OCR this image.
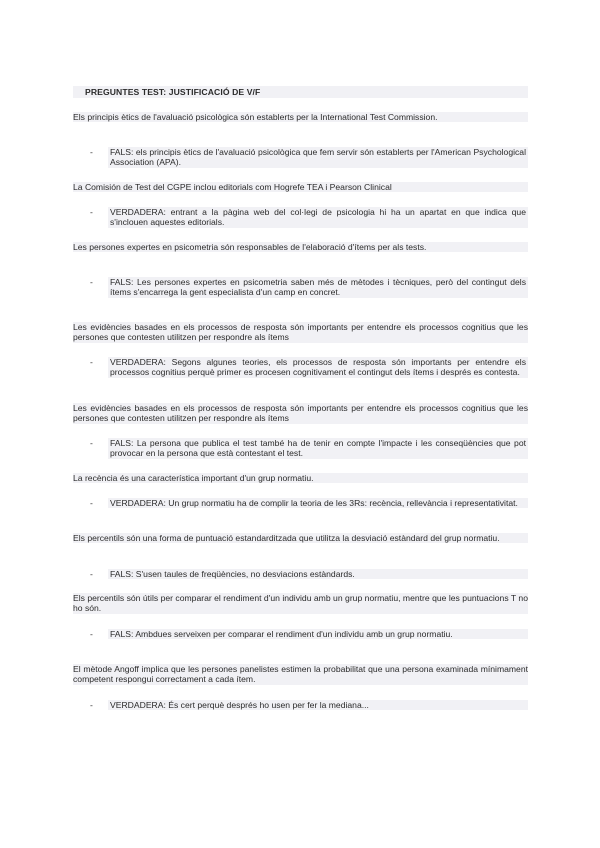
PREGUNTES TEST: JUSTIFICACIÓ DE V/F
Els principis ètics de l'avaluació psicològica són establerts per la International Test Commission.
-	FALS: els principis ètics de l'avaluació psicològica que fem servir són establerts per l'American Psychological Association (APA).
La Comisión de Test del CGPE inclou editorials com Hogrefe TEA i Pearson Clinical
-	VERDADERA: entrant a la pàgina web del col·legi de psicologia hi ha un apartat en que indica que s'inclouen aquestes editorials.
Les persones expertes en psicometria són responsables de l'elaboració d'ítems per als tests.
-	FALS: Les persones expertes en psicometria saben més de mètodes i tècniques, però del contingut dels ítems s'encarrega la gent especialista d'un camp en concret.
Les evidències basades en els processos de resposta són importants per entendre els processos cognitius que les persones que contesten utilitzen per respondre als ítems
-	VERDADERA: Segons algunes teories, els processos de resposta són importants per entendre els processos cognitius perquè primer es procesen cognitivament el contingut dels ítems i després es contesta.
Les evidències basades en els processos de resposta són importants per entendre els processos cognitius que les persones que contesten utilitzen per respondre als ítems
-	FALS: La persona que publica el test també ha de tenir en compte l'impacte i les conseqüències que pot provocar en la persona que està contestant el test.
La recència és una característica important d'un grup normatiu.
-	VERDADERA: Un grup normatiu ha de complir la teoria de les 3Rs: recència, rellevància i representativitat.
Els percentils són una forma de puntuació estandarditzada que utilitza la desviació estàndard del grup normatiu.
-	FALS: S'usen taules de freqüències, no desviacions estàndards.
Els percentils són útils per comparar el rendiment d'un individu amb un grup normatiu, mentre que les puntuacions T no ho són.
-	FALS: Ambdues serveixen per comparar el rendiment d'un individu amb un grup normatiu.
El mètode Angoff implica que les persones panelistes estimen la probabilitat que una persona examinada mínimament competent respongui correctament a cada ítem.
-	VERDADERA: És cert perquè després ho usen per fer la mediana...
